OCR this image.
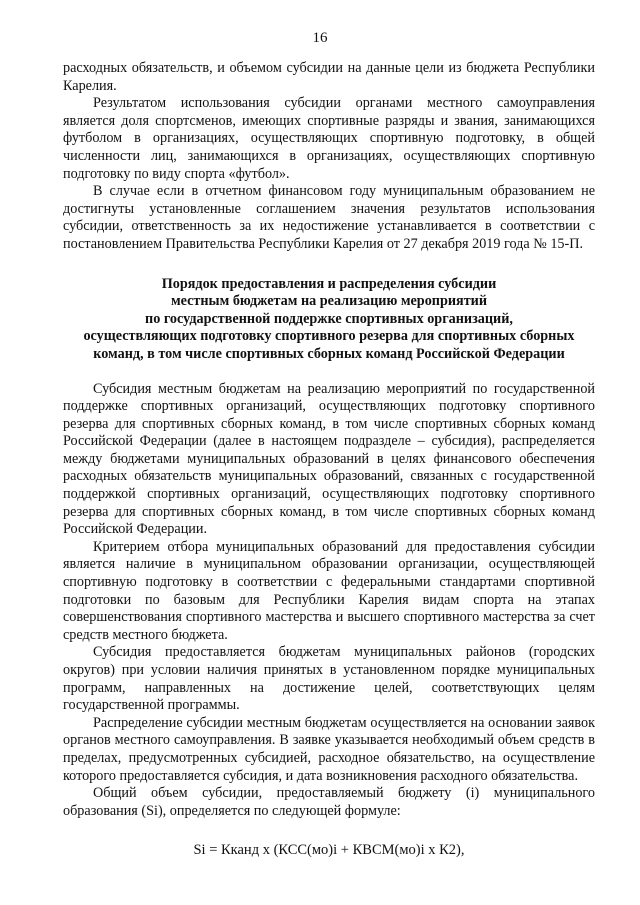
16

расходных обязательств, и объемом субсидии на данные цели из бюджета Республики Карелия.

Результатом использования субсидии органами местного самоуправления является доля спортсменов, имеющих спортивные разряды и звания, занимающихся футболом в организациях, осуществляющих спортивную подготовку, в общей численности лиц, занимающихся в организациях, осуществляющих спортивную подготовку по виду спорта «футбол».

В случае если в отчетном финансовом году муниципальным образованием не достигнуты установленные соглашением значения результатов использования субсидии, ответственность за их недостижение устанавливается в соответствии с постановлением Правительства Республики Карелия от 27 декабря 2019 года № 15-П.

Порядок предоставления и распределения субсидии
местным бюджетам на реализацию мероприятий
по государственной поддержке спортивных организаций,
осуществляющих подготовку спортивного резерва для спортивных сборных
команд, в том числе спортивных сборных команд Российской Федерации

Субсидия местным бюджетам на реализацию мероприятий по государственной поддержке спортивных организаций, осуществляющих подготовку спортивного резерва для спортивных сборных команд, в том числе спортивных сборных команд Российской Федерации (далее в настоящем подразделе – субсидия), распределяется между бюджетами муниципальных образований в целях финансового обеспечения расходных обязательств муниципальных образований, связанных с государственной поддержкой спортивных организаций, осуществляющих подготовку спортивного резерва для спортивных сборных команд, в том числе спортивных сборных команд Российской Федерации.

Критерием отбора муниципальных образований для предоставления субсидии является наличие в муниципальном образовании организации, осуществляющей спортивную подготовку в соответствии с федеральными стандартами спортивной подготовки по базовым для Республики Карелия видам спорта на этапах совершенствования спортивного мастерства и высшего спортивного мастерства за счет средств местного бюджета.

Субсидия предоставляется бюджетам муниципальных районов (городских округов) при условии наличия принятых в установленном порядке муниципальных программ, направленных на достижение целей, соответствующих целям государственной программы.

Распределение субсидии местным бюджетам осуществляется на основании заявок органов местного самоуправления. В заявке указывается необходимый объем средств в пределах, предусмотренных субсидией, расходное обязательство, на осуществление которого предоставляется субсидия, и дата возникновения расходного обязательства.

Общий объем субсидии, предоставляемый бюджету (i) муниципального образования (Si), определяется по следующей формуле:

Si = Кканд х (КСС(мо)i + КВСМ(мо)i х К2),
